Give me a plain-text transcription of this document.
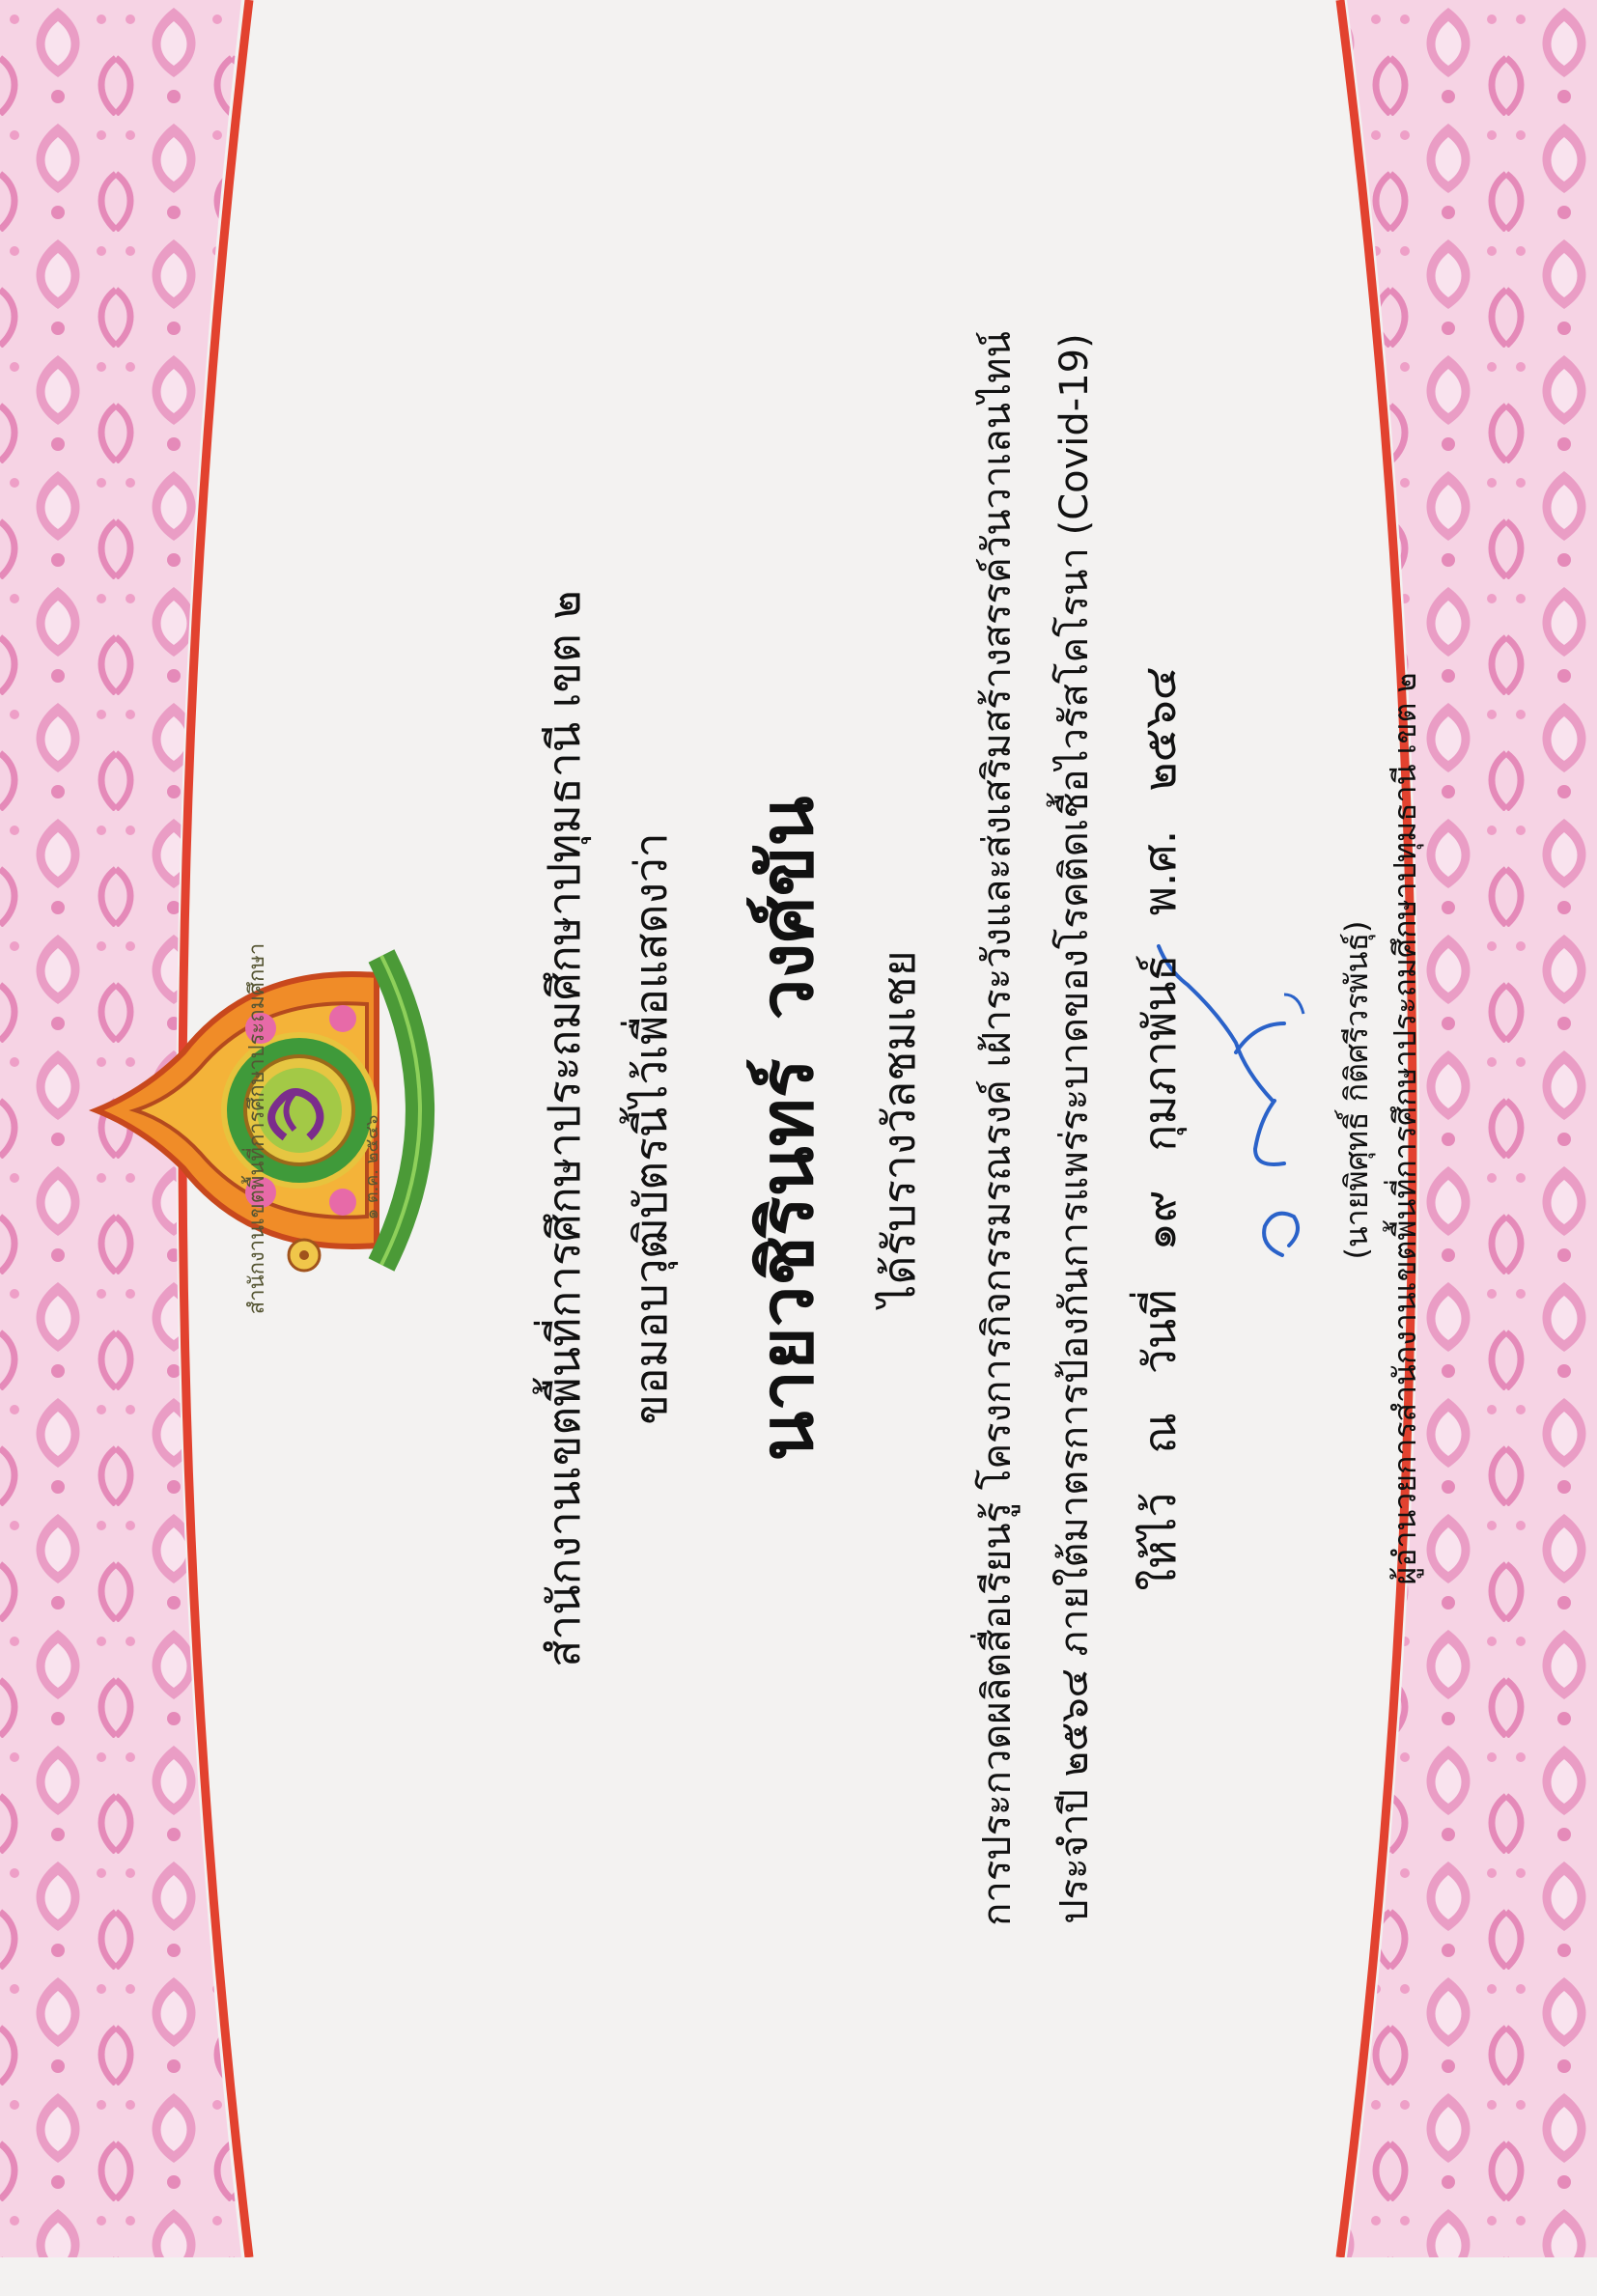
สำนักงานเขตพื้นที่การศึกษาประถมศึกษา	๑ ต.ค. ๒๕๔๖	สำนักงานเขตพื้นที่การศึกษาประถมศึกษาปทุมธานี เขต ๒ ขอมอบวุฒิบัตรนี้ไว้เพื่อแสดงว่า นายวชิรินทร์วงศ์ขัน
ได้รับรางวัลชมเชย การประกวดผลิตสื่อเรียนรู้ โครงการกิจกรรมรณรงค์ เฝ้าระวังและส่งเสริมสร้างสรรค์วันวาเลนไทน์ ประจำปี ๒๕๖๔ ภายใต้มาตรการป้องกันการแพร่ระบาดของโรคติดเชื้อไวรัสโคโรนา (Covid-19) ให้ไว้ณวันที่๑๙กุมภาพันธ์พ.ศ.๒๕๖๔
(นายพิศุทธิ์ กิติศรีวรพันธุ์) ผู้อำนวยการสำนักงานเขตพื้นที่การศึกษาประถมศึกษาปทุมธานี เขต ๒
